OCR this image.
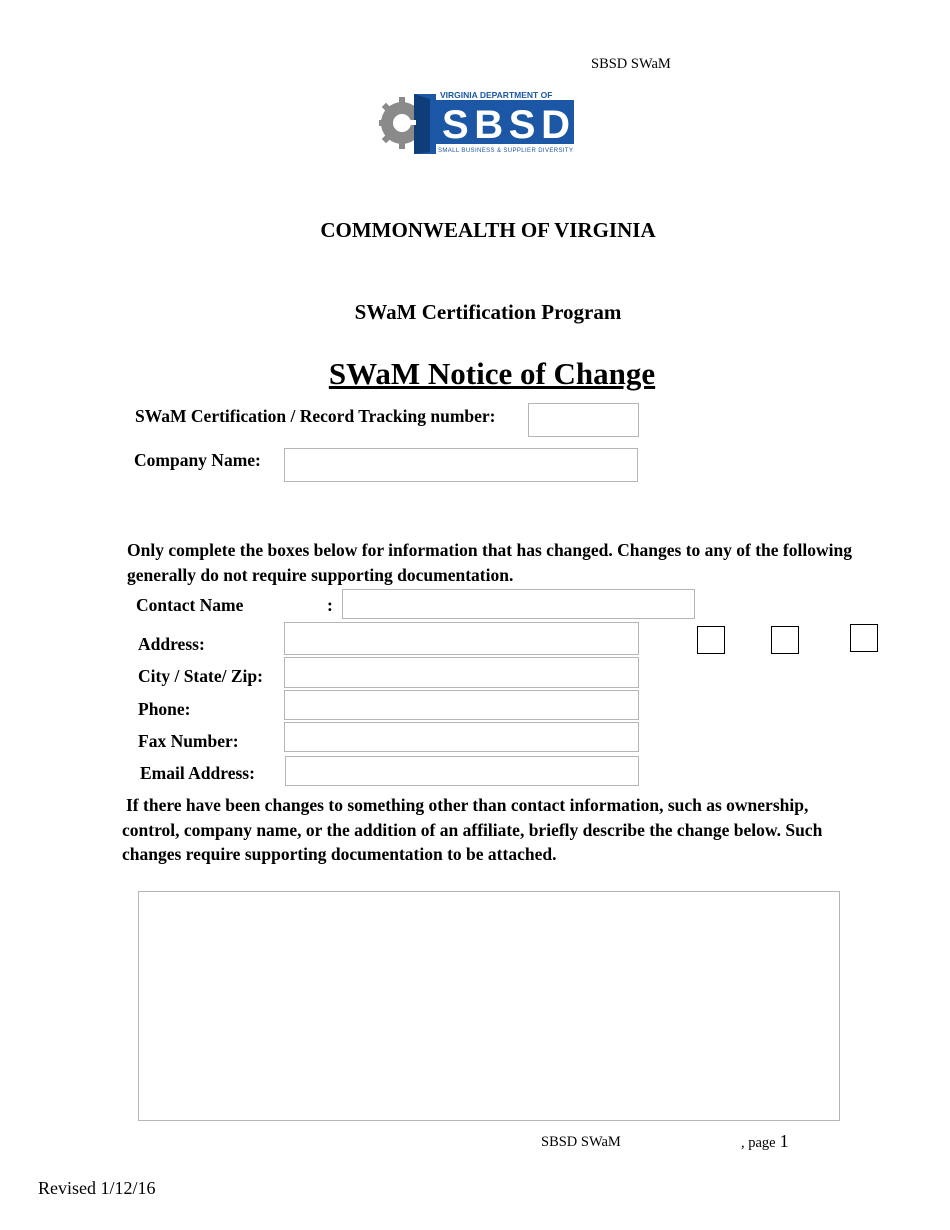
SBSD SWaM
VIRGINIA DEPARTMENT OF
SBSD
SMALL BUSINESS & SUPPLIER DIVERSITY
COMMONWEALTH OF VIRGINIA
SWaM Certification Program
SWaM Notice of Change
SWaM Certification / Record Tracking number:
Company Name:
Only complete the boxes below for information that has changed. Changes to any of the following generally do not require supporting documentation.
Contact Name	:
Address:
City / State/ Zip:
Phone:
Fax Number:
Email Address:
If there have been changes to something other than contact information, such as ownership, control, company name, or the addition of an affiliate, briefly describe the change below. Such changes require supporting documentation to be attached.
SBSD SWaM	, page 1
Revised 1/12/16
